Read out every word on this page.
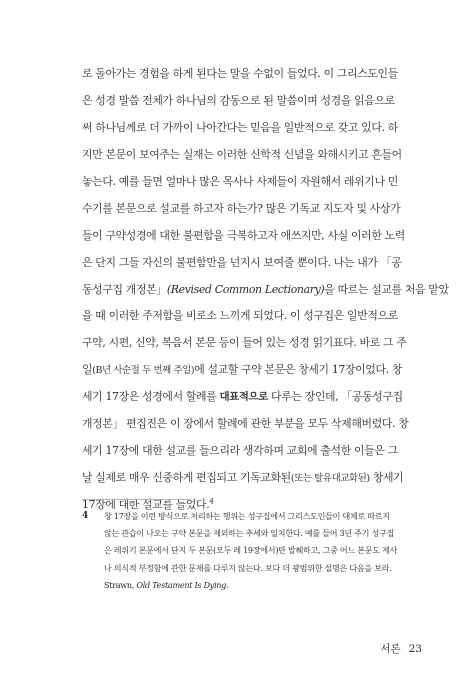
로 돌아가는 경험을 하게 된다는 말을 수없이 들었다. 이 그리스도인들
은 성경 말씀 전체가 하나님의 감동으로 된 말씀이며 성경을 읽음으로
써 하나님께로 더 가까이 나아간다는 믿음을 일반적으로 갖고 있다. 하
지만 본문이 보여주는 실재는 이러한 신학적 신념을 와해시키고 흔들어
놓는다. 예를 들면 얼마나 많은 목사나 사제들이 자원해서 레위기나 민
수기를 본문으로 설교를 하고자 하는가? 많은 기독교 지도자 및 사상가
들이 구약성경에 대한 불편함을 극복하고자 애쓰지만, 사실 이러한 노력
은 단지 그들 자신의 불편함만을 넌지시 보여줄 뿐이다. 나는 내가 「공
동성구집 개정본」(Revised Common Lectionary)을 따르는 설교를 처음 맡았
을 때 이러한 주저함을 비로소 느끼게 되었다. 이 성구집은 일반적으로
구약, 시편, 신약, 복음서 본문 등이 들어 있는 성경 읽기표다. 바로 그 주
일(B년 사순절 두 번째 주일)에 설교할 구약 본문은 창세기 17장이었다. 창
세기 17장은 성경에서 할례를 대표적으로 다루는 장인데, 「공동성구집
개정본」 편집진은 이 장에서 할례에 관한 부분을 모두 삭제해버렸다. 창
세기 17장에 대한 설교를 들으리라 생각하며 교회에 출석한 이들은 그
날 실제로 매우 신중하게 편집되고 기독교화된(또는 탈유대교화된) 창세기
17장에 대한 설교를 들었다.$^4$
4 창 17장을 이런 방식으로 처리하는 행위는 성구집에서 그리스도인들이 대체로 따르지
않는 관습이 나오는 구약 본문을 제외하는 추세와 일치한다. 예를 들어 3년 주기 성구집
은 레위기 본문에서 단지 두 본문(모두 레 19장에서)만 발췌하고, 그중 어느 본문도 제사
나 의식적 부정함에 관한 문제를 다루지 않는다. 보다 더 광범위한 설명은 다음을 보라.
Strawn, Old Testament Is Dying.
서론 23
